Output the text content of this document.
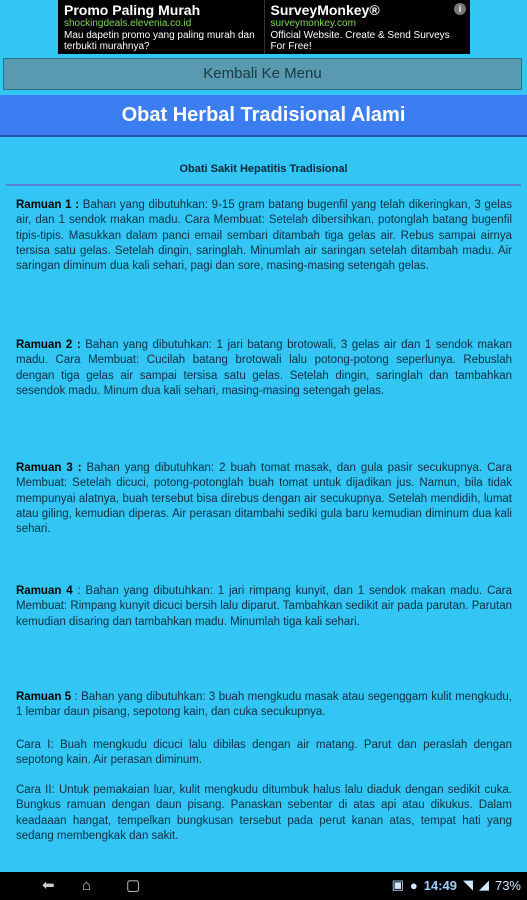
Promo Paling Murah
shockingdeals.elevenia.co.id
Mau dapetin promo yang paling murah dan terbukti murahnya?
SurveyMonkey®
surveymonkey.com
Official Website. Create & Send Surveys For Free!
i
Kembali Ke Menu
Obat Herbal Tradisional Alami
Obati Sakit Hepatitis Tradisional

Ramuan 1 : Bahan yang dibutuhkan: 9-15 gram batang bugenfil yang telah dikeringkan, 3 gelas air, dan 1 sendok makan madu. Cara Membuat: Setelah dibersihkan, potonglah batang bugenfil tipis-tipis. Masukkan dalam panci email sembari ditambah tiga gelas air. Rebus sampai airnya tersisa satu gelas. Setelah dingin, saringlah. Minumlah air saringan setelah ditambah madu. Air saringan diminum dua kali sehari, pagi dan sore, masing-masing setengah gelas.

Ramuan 2 : Bahan yang dibutuhkan: 1 jari batang brotowali, 3 gelas air dan 1 sendok makan madu. Cara Membuat: Cucilah batang brotowali lalu potong-potong seperlunya. Rebuslah dengan tiga gelas air sampai tersisa satu gelas. Setelah dingin, saringlah dan tambahkan sesendok madu. Minum dua kali sehari, masing-masing setengah gelas.

Ramuan 3 : Bahan yang dibutuhkan: 2 buah tomat masak, dan gula pasir secukupnya. Cara Membuat: Setelah dicuci, potong-potonglah buah tomat untuk dijadikan jus. Namun, bila tidak mempunyai alatnya, buah tersebut bisa direbus dengan air secukupnya. Setelah mendidih, lumat atau giling, kemudian diperas. Air perasan ditambahi sediki gula baru kemudian diminum dua kali sehari.

Ramuan 4 : Bahan yang dibutuhkan: 1 jari rimpang kunyit, dan 1 sendok makan madu. Cara Membuat: Rimpang kunyit dicuci bersih lalu diparut. Tambahkan sedikit air pada parutan. Parutan kemudian disaring dan tambahkan madu. Minumlah tiga kali sehari.

Ramuan 5 : Bahan yang dibutuhkan: 3 buah mengkudu masak atau segenggam kulit mengkudu, 1 lembar daun pisang, sepotong kain, dan cuka secukupnya.

Cara I: Buah mengkudu dicuci lalu dibilas dengan air matang. Parut dan peraslah dengan sepotong kain. Air perasan diminum.

Cara II: Untuk pemakaian luar, kulit mengkudu ditumbuk halus lalu diaduk dengan sedikit cuka. Bungkus ramuan dengan daun pisang. Panaskan sebentar di atas api atau dikukus. Dalam keadaaan hangat, tempelkan bungkusan tersebut pada perut kanan atas, tempat hati yang sedang membengkak dan sakit.

⬅ ⌂ ▢	▣ ● 14:49 ◥ ◢ 73%
